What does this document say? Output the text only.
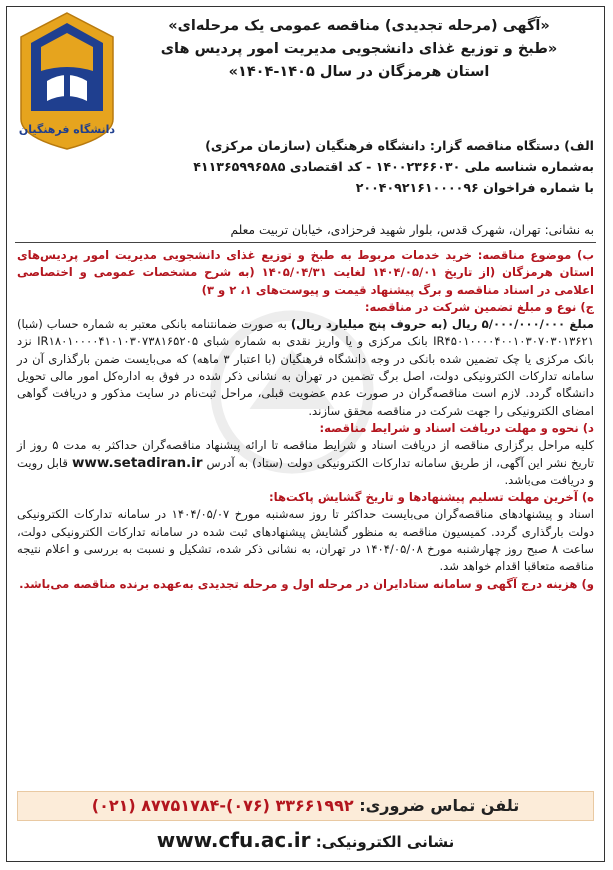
دانشگاه فرهنگیان
«آگهی (مرحله تجدیدی) مناقصه عمومی یک مرحله‌ای»
«طبخ و توزیع غذای دانشجویی مدیریت امور پردیس های
استان هرمزگان در سال ۱۴۰۵-۱۴۰۴»
الف) دستگاه مناقصه گزار: دانشگاه فرهنگیان (سازمان مرکزی)
به‌شماره شناسه ملی ۱۴۰۰۲۳۶۶۰۳۰ - کد اقتصادی ۴۱۱۳۶۵۹۹۶۵۸۵
با شماره فراخوان ۲۰۰۴۰۹۲۱۶۱۰۰۰۰۹۶
به نشانی: تهران، شهرک قدس، بلوار شهید فرحزادی، خیابان تربیت معلم

ب) موضوع مناقصه: خرید خدمات مربوط به طبخ و توزیع غذای دانشجویی مدیریت امور پردیس‌های استان هرمزگان (از تاریخ ۱۴۰۴/۰۵/۰۱ لغایت ۱۴۰۵/۰۴/۳۱ (به شرح مشخصات عمومی و اختصاصی اعلامی در اسناد مناقصه و برگ پیشنهاد قیمت و پیوست‌های ۱، ۲ و ۳)

ج) نوع و مبلغ تضمین شرکت در مناقصه:

مبلغ ۵/۰۰۰/۰۰۰/۰۰۰ ریال (به حروف پنج میلیارد ریال) به صورت ضمانتنامه بانکی معتبر به شماره حساب (شبا) IR۴۵۰۱۰۰۰۰۴۰۰۱۰۳۰۷۰۳۰۱۳۶۲۱ بانک مرکزی و یا واریز نقدی به شماره شبای IR۱۸۰۱۰۰۰۰۴۱۰۱۰۳۰۷۳۸۱۶۵۲۰۵ نزد بانک مرکزی یا چک تضمین شده بانکی در وجه دانشگاه فرهنگیان (با اعتبار ۳ ماهه) که می‌بایست ضمن بارگذاری آن در سامانه تدارکات الکترونیکی دولت، اصل برگ تضمین در تهران به نشانی ذکر شده در فوق به اداره‌کل امور مالی تحویل دانشگاه گردد. لازم است مناقصه‌گران در صورت عدم عضویت قبلی، مراحل ثبت‌نام در سایت مذکور و دریافت گواهی امضای الکترونیکی را جهت شرکت در مناقصه محقق سازند.

د) نحوه و مهلت دریافت اسناد و شرایط مناقصه:

کلیه مراحل برگزاری مناقصه از دریافت اسناد و شرایط مناقصه تا ارائه پیشنهاد مناقصه‌گران حداکثر به مدت ۵ روز از تاریخ نشر این آگهی، از طریق سامانه تدارکات الکترونیکی دولت (ستاد) به آدرس www.setadiran.ir قابل رویت و دریافت می‌باشد.

ه) آخرین مهلت تسلیم پیشنهادها و تاریخ گشایش پاکت‌ها:

اسناد و پیشنهادهای مناقصه‌گران می‌بایست حداکثر تا روز سه‌شنبه مورخ ۱۴۰۴/۰۵/۰۷ در سامانه تدارکات الکترونیکی دولت بارگذاری گردد. کمیسیون مناقصه به منظور گشایش پیشنهادهای ثبت شده در سامانه تدارکات الکترونیکی دولت، ساعت ۸ صبح روز چهارشنبه مورخ ۱۴۰۴/۰۵/۰۸ در تهران، به نشانی ذکر شده، تشکیل و نسبت به بررسی و اعلام نتیجه مناقصه متعاقبا اقدام خواهد شد.

و) هزینه درج آگهی و سامانه ستادایران در مرحله اول و مرحله تجدیدی به‌عهده برنده مناقصه می‌باشد.

تلفن تماس ضروری: (۰۲۱) ۸۷۷۵۱۷۸۴-(۰۷۶) ۳۳۶۶۱۹۹۲
نشانی الکترونیکی: www.cfu.ac.ir
